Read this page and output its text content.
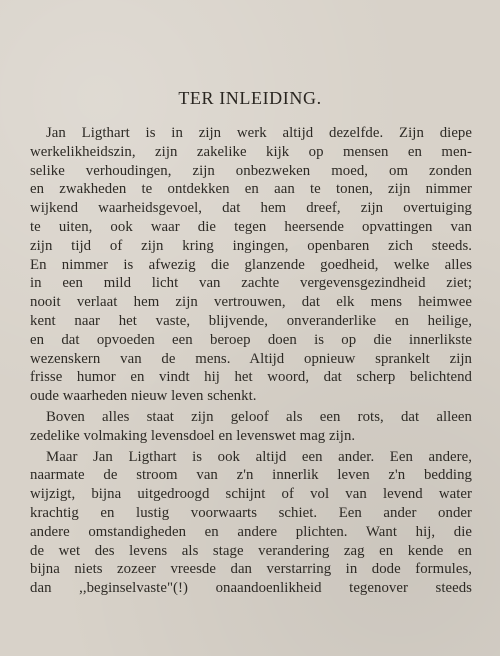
TER INLEIDING.
Jan Ligthart is in zijn werk altijd dezelfde. Zijn diepe
werkelikheidszin, zijn zakelike kijk op mensen en men-
selike verhoudingen, zijn onbezweken moed, om zonden
en zwakheden te ontdekken en aan te tonen, zijn nimmer
wijkend waarheidsgevoel, dat hem dreef, zijn overtuiging
te uiten, ook waar die tegen heersende opvattingen van
zijn tijd of zijn kring ingingen, openbaren zich steeds.
En nimmer is afwezig die glanzende goedheid, welke alles
in een mild licht van zachte vergevensgezindheid ziet;
nooit verlaat hem zijn vertrouwen, dat elk mens heimwee
kent naar het vaste, blijvende, onveranderlike en heilige,
en dat opvoeden een beroep doen is op die innerlikste
wezenskern van de mens. Altijd opnieuw sprankelt zijn
frisse humor en vindt hij het woord, dat scherp belichtend
oude waarheden nieuw leven schenkt.
Boven alles staat zijn geloof als een rots, dat alleen
zedelike volmaking levensdoel en levenswet mag zijn.
Maar Jan Ligthart is ook altijd een ander. Een andere,
naarmate de stroom van z'n innerlik leven z'n bedding
wijzigt, bijna uitgedroogd schijnt of vol van levend water
krachtig en lustig voorwaarts schiet. Een ander onder
andere omstandigheden en andere plichten. Want hij, die
de wet des levens als stage verandering zag en kende en
bijna niets zozeer vreesde dan verstarring in dode formules,
dan ,,beginselvaste"(!) onaandoenlikheid tegenover steeds
